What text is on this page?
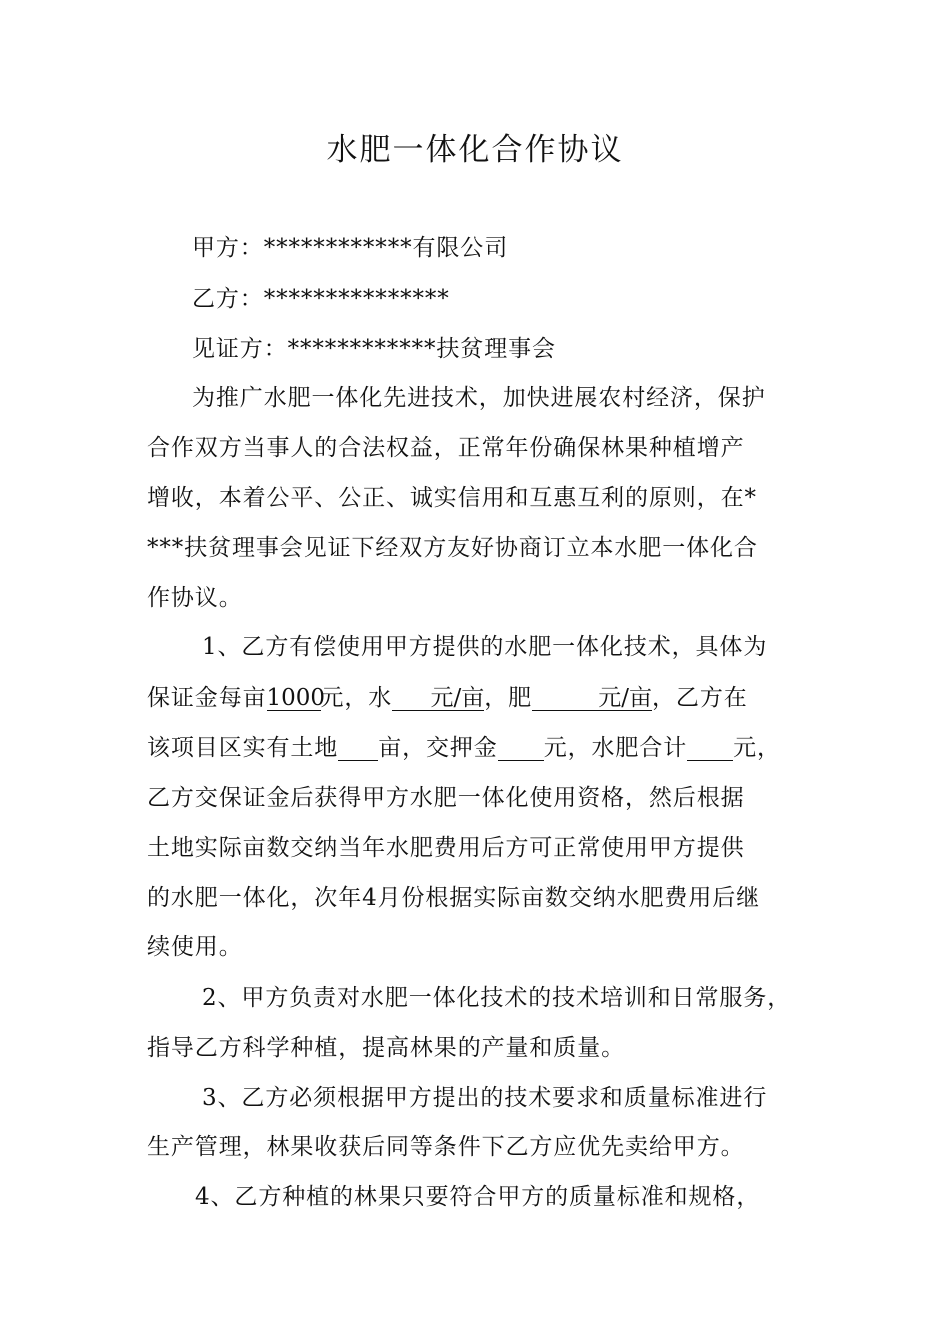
水肥一体化合作协议
甲方：************有限公司
乙方：***************
见证方：************扶贫理事会
为推广水肥一体化先进技术，加快进展农村经济，保护
合作双方当事人的合法权益，正常年份确保林果种植增产
增收，本着公平、公正、诚实信用和互惠互利的原则，在*
***扶贫理事会见证下经双方友好协商订立本水肥一体化合
作协议。
1、乙方有偿使用甲方提供的水肥一体化技术，具体为
保证金每亩1000元，水 元/亩，肥	元/亩，乙方在
该项目区实有土地 亩，交押金 元，水肥合计 元，
乙方交保证金后获得甲方水肥一体化使用资格，然后根据
土地实际亩数交纳当年水肥费用后方可正常使用甲方提供
的水肥一体化，次年4月份根据实际亩数交纳水肥费用后继
续使用。
2、甲方负责对水肥一体化技术的技术培训和日常服务，
指导乙方科学种植，提高林果的产量和质量。
3、乙方必须根据甲方提出的技术要求和质量标准进行
生产管理，林果收获后同等条件下乙方应优先卖给甲方。
4、乙方种植的林果只要符合甲方的质量标准和规格，
